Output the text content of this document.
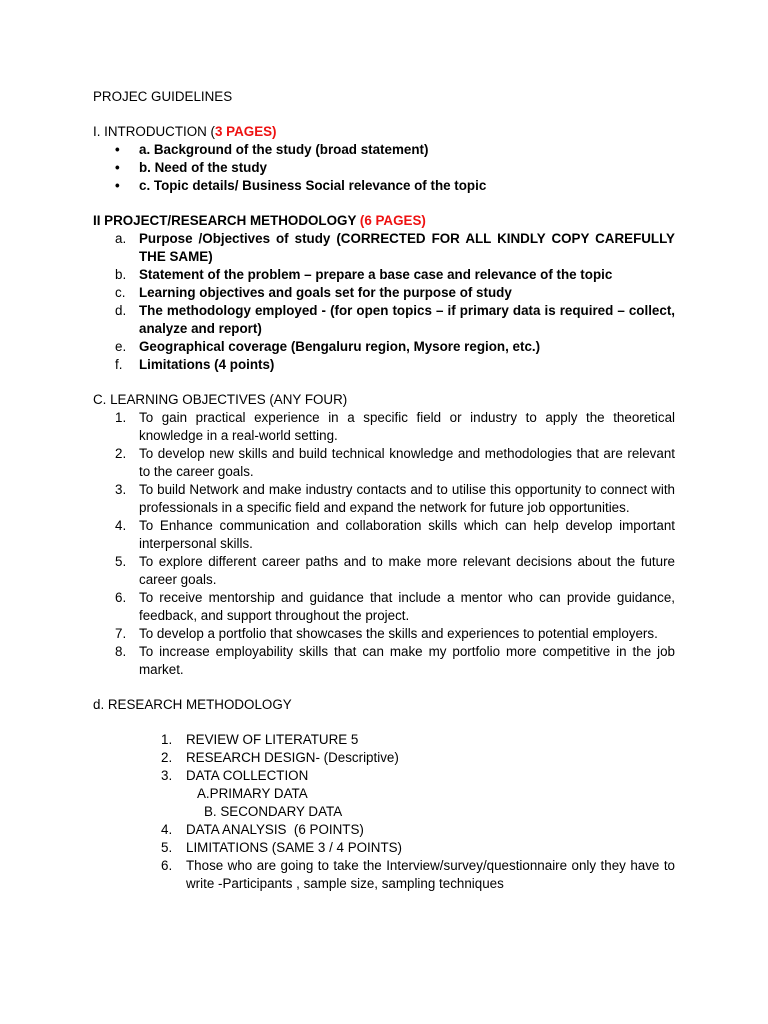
PROJEC GUIDELINES
I. INTRODUCTION (3 PAGES)
• a. Background of the study (broad statement)
• b. Need of the study
• c. Topic details/ Business Social relevance of the topic
II PROJECT/RESEARCH METHODOLOGY (6 PAGES)
a. Purpose /Objectives of study (CORRECTED FOR ALL KINDLY COPY CAREFULLY THE SAME)
b. Statement of the problem – prepare a base case and relevance of the topic
c. Learning objectives and goals set for the purpose of study
d. The methodology employed - (for open topics – if primary data is required – collect, analyze and report)
e. Geographical coverage (Bengaluru region, Mysore region, etc.)
f. Limitations (4 points)
C. LEARNING OBJECTIVES (ANY FOUR)
1. To gain practical experience in a specific field or industry to apply the theoretical knowledge in a real-world setting.
2. To develop new skills and build technical knowledge and methodologies that are relevant to the career goals.
3. To build Network and make industry contacts and to utilise this opportunity to connect with professionals in a specific field and expand the network for future job opportunities.
4. To Enhance communication and collaboration skills which can help develop important interpersonal skills.
5. To explore different career paths and to make more relevant decisions about the future career goals.
6. To receive mentorship and guidance that include a mentor who can provide guidance, feedback, and support throughout the project.
7. To develop a portfolio that showcases the skills and experiences to potential employers.
8. To increase employability skills that can make my portfolio more competitive in the job market.
d. RESEARCH METHODOLOGY
1. REVIEW OF LITERATURE 5
2. RESEARCH DESIGN- (Descriptive)
3. DATA COLLECTION
A.PRIMARY DATA
B. SECONDARY DATA
4. DATA ANALYSIS  (6 POINTS)
5. LIMITATIONS (SAME 3 / 4 POINTS)
6. Those who are going to take the Interview/survey/questionnaire only they have to write -Participants , sample size, sampling techniques
